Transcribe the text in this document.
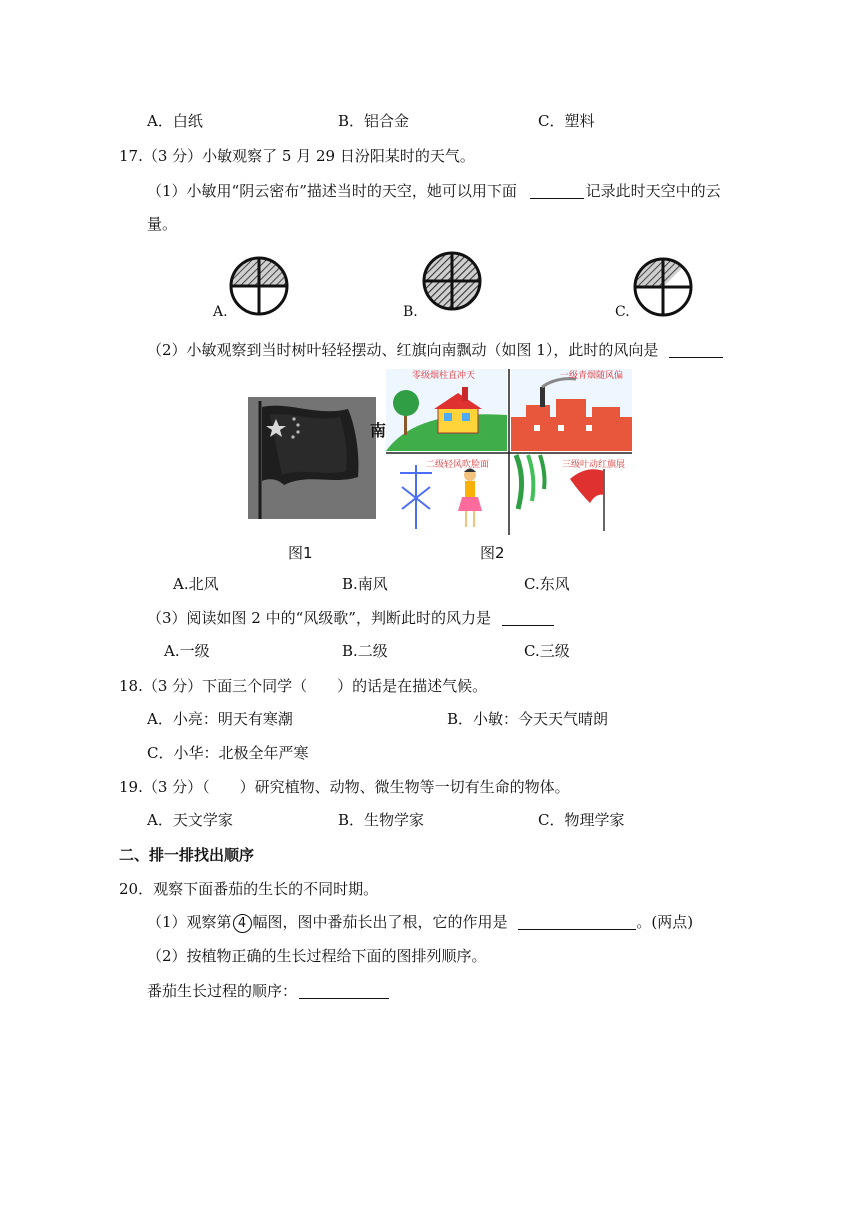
A．白纸	B．铝合金	C．塑料
17.（3 分）小敏观察了 5 月 29 日汾阳某时的天气。
（1）小敏用“阴云密布”描述当时的天空，她可以用下面	记录此时天空中的云
量。
A.	B.	C.
（2）小敏观察到当时树叶轻轻摆动、红旗向南飘动（如图 1），此时的风向是
南
零级烟柱直冲天	一级青烟随风偏
二级轻风吹脸面	三级叶动红旗展
图1	图2
A.北风	B.南风	C.东风
（3）阅读如图 2 中的“风级歌”，判断此时的风力是
A.一级	B.二级	C.三级
18.（3 分）下面三个同学（　　）的话是在描述气候。
A．小亮：明天有寒潮	B．小敏：今天天气晴朗
C．小华：北极全年严寒
19.（3 分）（　　）研究植物、动物、微生物等一切有生命的物体。
A．天文学家	B．生物学家	C．物理学家
二、排一排找出顺序
20．观察下面番茄的生长的不同时期。
（1）观察第 4 幅图，图中番茄长出了根，它的作用是	。(两点)
（2）按植物正确的生长过程给下面的图排列顺序。
番茄生长过程的顺序：
